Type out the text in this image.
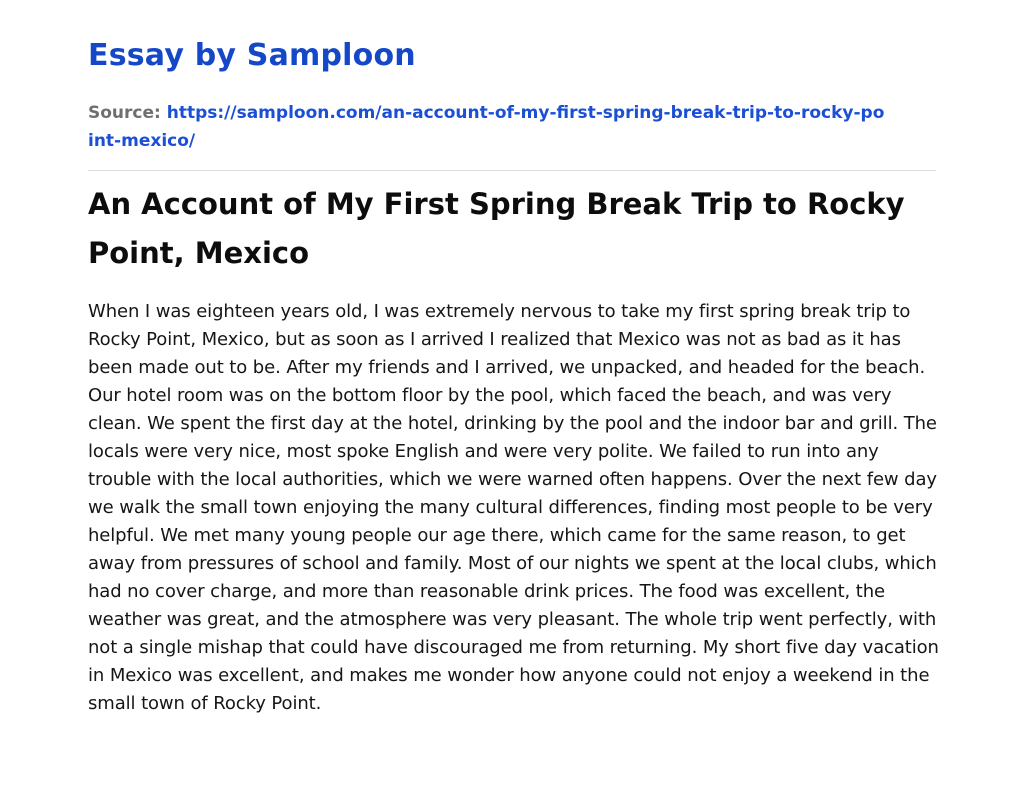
Essay by Samploon
Source: https://samploon.com/an-account-of-my-first-spring-break-trip-to-rocky-point-mexico/
An Account of My First Spring Break Trip to Rocky Point, Mexico

When I was eighteen years old, I was extremely nervous to take my first spring break trip to Rocky Point, Mexico, but as soon as I arrived I realized that Mexico was not as bad as it has been made out to be. After my friends and I arrived, we unpacked, and headed for the beach. Our hotel room was on the bottom floor by the pool, which faced the beach, and was very clean. We spent the first day at the hotel, drinking by the pool and the indoor bar and grill. The locals were very nice, most spoke English and were very polite. We failed to run into any trouble with the local authorities, which we were warned often happens. Over the next few day we walk the small town enjoying the many cultural differences, finding most people to be very helpful. We met many young people our age there, which came for the same reason, to get away from pressures of school and family. Most of our nights we spent at the local clubs, which had no cover charge, and more than reasonable drink prices. The food was excellent, the weather was great, and the atmosphere was very pleasant. The whole trip went perfectly, with not a single mishap that could have discouraged me from returning. My short five day vacation in Mexico was excellent, and makes me wonder how anyone could not enjoy a weekend in the small town of Rocky Point.
